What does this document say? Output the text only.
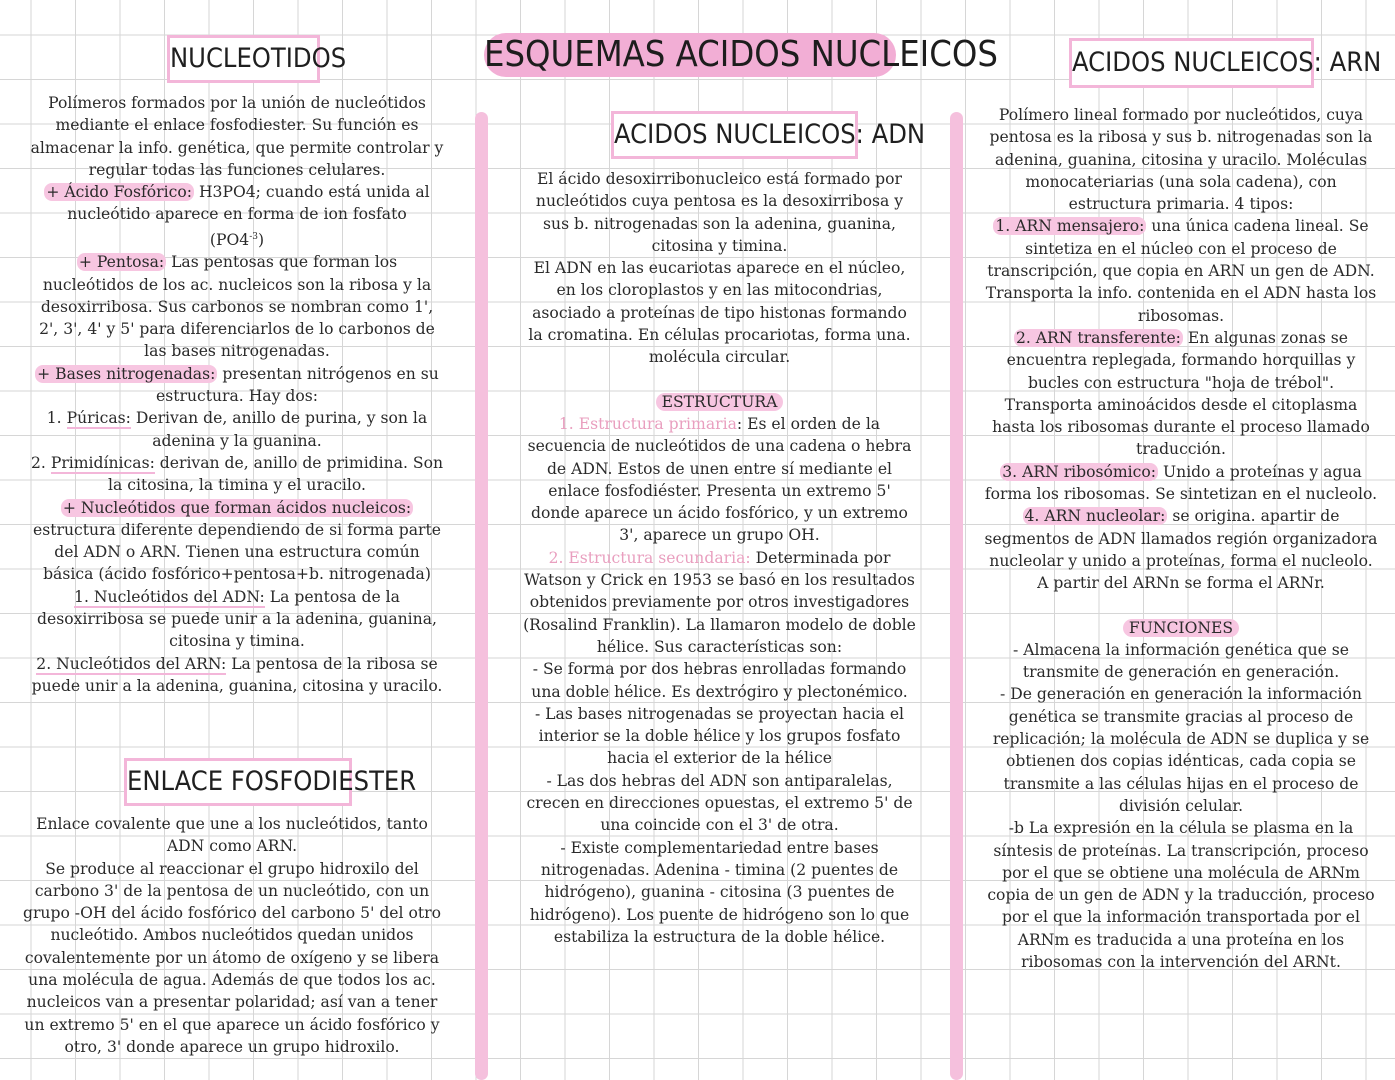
ESQUEMAS ACIDOS NUCLEICOS
NUCLEOTIDOS

Polímeros formados por la unión de nucleótidos mediante el enlace fosfodiester. Su función es almacenar la info. genética, que permite controlar y regular todas las funciones celulares.

+ Ácido Fosfórico: H3PO4; cuando está unida al nucleótido aparece en forma de ion fosfato
$(PO4^{-3})$

+ Pentosa: Las pentosas que forman los nucleótidos de los ac. nucleicos son la ribosa y la desoxirribosa. Sus carbonos se nombran como 1', 2', 3', 4' y 5' para diferenciarlos de lo carbonos de las bases nitrogenadas.

+ Bases nitrogenadas: presentan nitrógenos en su estructura. Hay dos:

1. Púricas: Derivan de, anillo de purina, y son la adenina y la guanina.

2. Primidínicas: derivan de, anillo de primidina. Son la citosina, la timina y el uracilo.

+ Nucleótidos que forman ácidos nucleicos:
estructura diferente dependiendo de si forma parte del ADN o ARN. Tienen una estructura común básica (ácido fosfórico+pentosa+b. nitrogenada)

1. Nucleótidos del ADN: La pentosa de la desoxirribosa se puede unir a la adenina, guanina, citosina y timina.

2. Nucleótidos del ARN: La pentosa de la ribosa se puede unir a la adenina, guanina, citosina y uracilo.

ENLACE FOSFODIESTER

Enlace covalente que une a los nucleótidos, tanto ADN como ARN.

Se produce al reaccionar el grupo hidroxilo del carbono 3' de la pentosa de un nucleótido, con un grupo -OH del ácido fosfórico del carbono 5' del otro nucleótido. Ambos nucleótidos quedan unidos covalentemente por un átomo de oxígeno y se libera una molécula de agua. Además de que todos los ac. nucleicos van a presentar polaridad; así van a tener un extremo 5' en el que aparece un ácido fosfórico y otro, 3' donde aparece un grupo hidroxilo.

ACIDOS NUCLEICOS: ADN

El ácido desoxirribonucleico está formado por nucleótidos cuya pentosa es la desoxirribosa y sus b. nitrogenadas son la adenina, guanina, citosina y timina.

El ADN en las eucariotas aparece en el núcleo, en los cloroplastos y en las mitocondrias, asociado a proteínas de tipo histonas formando la cromatina. En células procariotas, forma una. molécula circular.

ESTRUCTURA

1. Estructura primaria: Es el orden de la secuencia de nucleótidos de una cadena o hebra de ADN. Estos de unen entre sí mediante el enlace fosfodiéster. Presenta un extremo 5' donde aparece un ácido fosfórico, y un extremo 3', aparece un grupo OH.

2. Estructura secundaria: Determinada por Watson y Crick en 1953 se basó en los resultados obtenidos previamente por otros investigadores (Rosalind Franklin). La llamaron modelo de doble hélice. Sus características son:

- Se forma por dos hebras enrolladas formando una doble hélice. Es dextrógiro y plectonémico.

- Las bases nitrogenadas se proyectan hacia el interior se la doble hélice y los grupos fosfato hacia el exterior de la hélice

- Las dos hebras del ADN son antiparalelas, crecen en direcciones opuestas, el extremo 5' de una coincide con el 3' de otra.

- Existe complementariedad entre bases nitrogenadas. Adenina - timina (2 puentes de hidrógeno), guanina - citosina (3 puentes de hidrógeno). Los puente de hidrógeno son lo que estabiliza la estructura de la doble hélice.

ACIDOS NUCLEICOS: ARN

Polímero lineal formado por nucleótidos, cuya pentosa es la ribosa y sus b. nitrogenadas son la adenina, guanina, citosina y uracilo. Moléculas monocateriarias (una sola cadena), con estructura primaria. 4 tipos:

1. ARN mensajero: una única cadena lineal. Se sintetiza en el núcleo con el proceso de transcripción, que copia en ARN un gen de ADN. Transporta la info. contenida en el ADN hasta los ribosomas.

2. ARN transferente: En algunas zonas se encuentra replegada, formando horquillas y bucles con estructura "hoja de trébol". Transporta aminoácidos desde el citoplasma hasta los ribosomas durante el proceso llamado traducción.

3. ARN ribosómico: Unido a proteínas y agua forma los ribosomas. Se sintetizan en el nucleolo.

4. ARN nucleolar: se origina. apartir de segmentos de ADN llamados región organizadora nucleolar y unido a proteínas, forma el nucleolo. A partir del ARNn se forma el ARNr.

FUNCIONES

- Almacena la información genética que se transmite de generación en generación.

- De generación en generación la información genética se transmite gracias al proceso de replicación; la molécula de ADN se duplica y se obtienen dos copias idénticas, cada copia se transmite a las células hijas en el proceso de división celular.

-b La expresión en la célula se plasma en la síntesis de proteínas. La transcripción, proceso por el que se obtiene una molécula de ARNm copia de un gen de ADN y la traducción, proceso por el que la información transportada por el ARNm es traducida a una proteína en los ribosomas con la intervención del ARNt.
